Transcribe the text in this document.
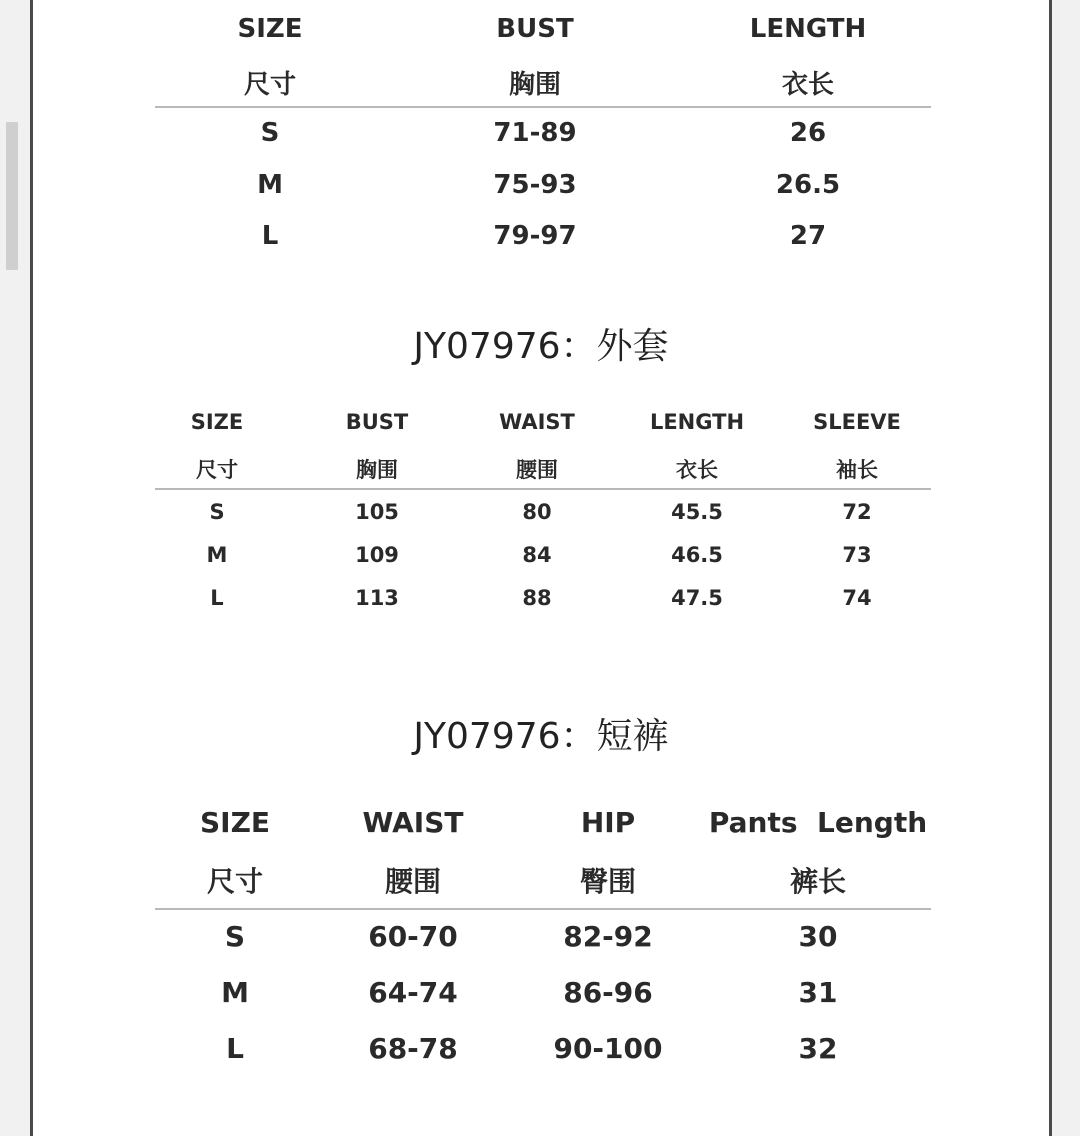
SIZE	BUST	LENGTH
尺寸	胸围	衣长
S	71-89	26
M	75-93	26.5
L	79-97	27
JY07976：外套
SIZE	BUST	WAIST	LENGTH	SLEEVE
尺寸	胸围	腰围	衣长	袖长
S	105	80	45.5	72
M	109	84	46.5	73
L	113	88	47.5	74
JY07976：短裤
SIZE	WAIST	HIP	Pants  Length
尺寸	腰围	臀围	裤长
S	60-70	82-92	30
M	64-74	86-96	31
L	68-78	90-100	32
